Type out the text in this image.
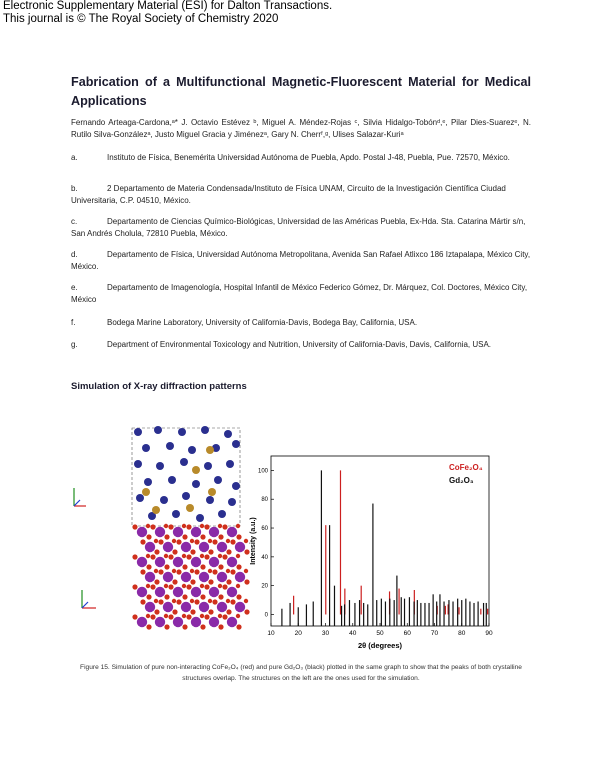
Electronic Supplementary Material (ESI) for Dalton Transactions.
This journal is © The Royal Society of Chemistry 2020
Fabrication of a Multifunctional Magnetic-Fluorescent Material for Medical Applications
Fernando Arteaga-Cardona,ᵃ* J. Octavio Estévez ᵇ, Miguel A. Méndez-Rojas ᶜ, Silvia Hidalgo-Tobónᵈ,ᵉ, Pilar Dies-Suarezᵉ, N. Rutilo Silva-Gonzálezᵃ, Justo Miguel Gracia y Jiménezᵃ, Gary N. Cherrᶠ,ᵍ, Ulises Salazar-Kuriᵃ
a.	Instituto de Física, Benemérita Universidad Autónoma de Puebla, Apdo. Postal J-48, Puebla, Pue. 72570, México.
b.	2 Departamento de Materia Condensada/Instituto de Física UNAM, Circuito de la Investigación Científica Ciudad Universitaria, C.P. 04510, México.
c.	Departamento de Ciencias Químico-Biológicas, Universidad de las Américas Puebla, Ex-Hda. Sta. Catarina Mártir s/n, San Andrés Cholula, 72810 Puebla, México.
d.	Departamento de Física, Universidad Autónoma Metropolitana, Avenida San Rafael Atlixco 186 Iztapalapa, México City, México.
e.	Departamento de Imagenología, Hospital Infantil de México Federico Gómez, Dr. Márquez, Col. Doctores, México City, México
f.	Bodega Marine Laboratory, University of California-Davis, Bodega Bay, California, USA.
g.	Department of Environmental Toxicology and Nutrition, University of California-Davis, Davis, California, USA.
Simulation of X-ray diffraction patterns
10	20	30	40	50	60	70	80	90
0
20
40
60
80
100
2θ (degrees)
Intensity (a.u.)
CoFe₂O₄
Gd₂O₃
Figure 15. Simulation of pure non-interacting CoFe₂O₄ (red) and pure Gd₂O₃ (black) plotted in the same graph to show that the peaks of both crystalline structures overlap. The structures on the left are the ones used for the simulation.
